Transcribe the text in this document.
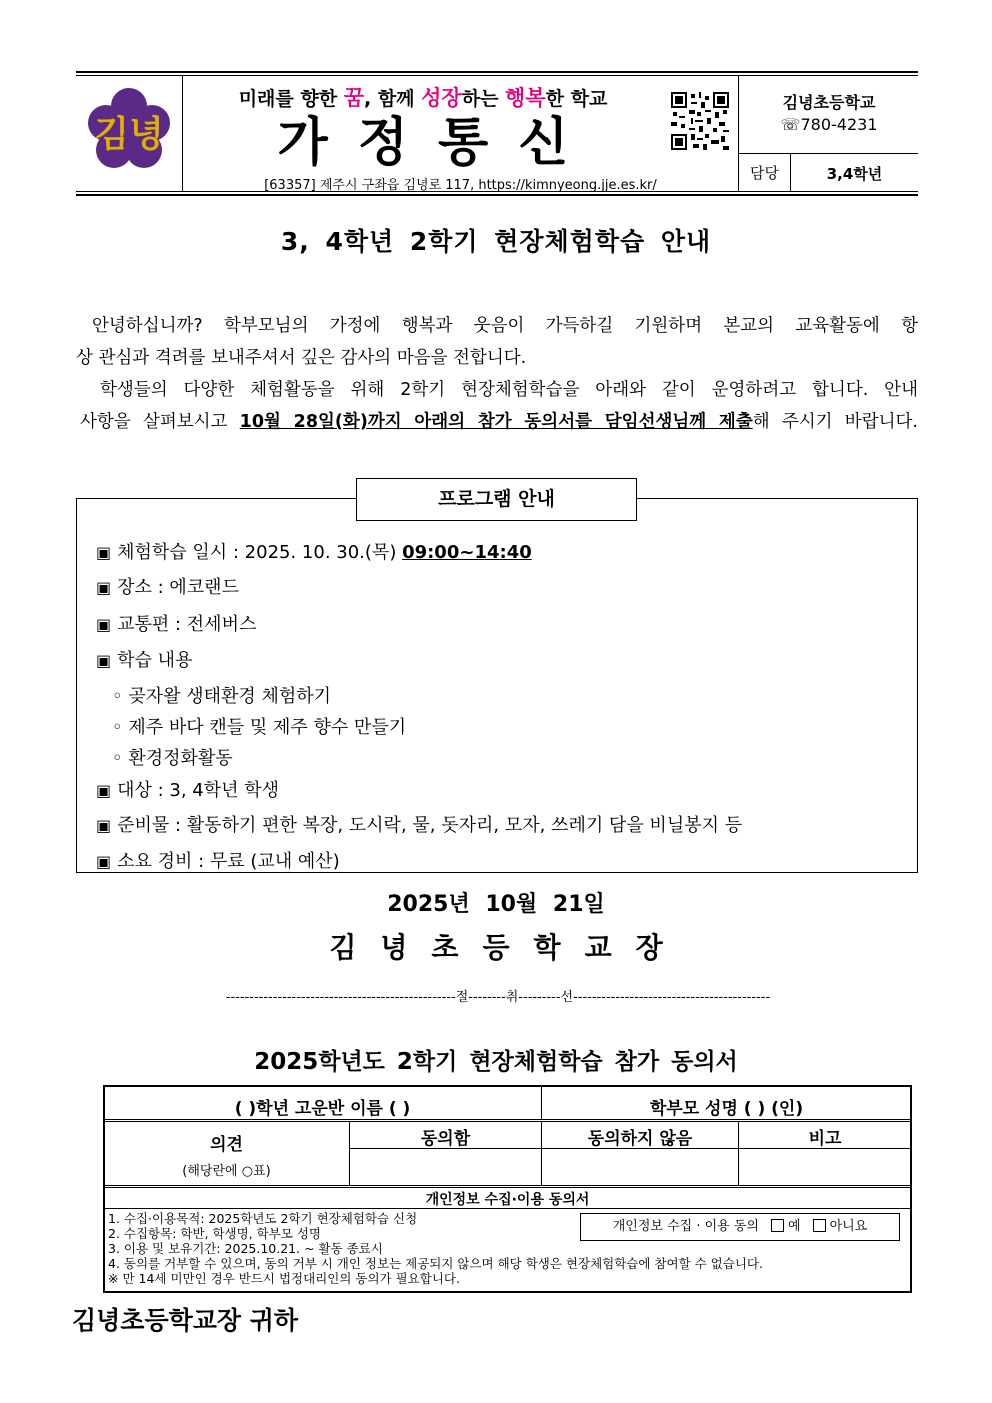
김녕
미래를 향한 꿈, 함께 성장하는 행복한 학교
가정통신
[63357] 제주시 구좌읍 김녕로 117, https://kimnyeong.jje.es.kr/
김녕초등학교
☏780-4231
담당	3,4학년
3, 4학년 2학기 현장체험학습 안내
안녕하십니까? 학부모님의 가정에 행복과 웃음이 가득하길 기원하며 본교의 교육활동에 항
상 관심과 격려를 보내주셔서 깊은 감사의 마음을 전합니다.
학생들의 다양한 체험활동을 위해 2학기 현장체험학습을 아래와 같이 운영하려고 합니다. 안내
사항을 살펴보시고 10월 28일(화)까지 아래의 참가 동의서를 담임선생님께 제출해 주시기 바랍니다.
프로그램 안내
▣ 체험학습 일시 : 2025. 10. 30.(목) 09:00~14:40
▣ 장소 : 에코랜드
▣ 교통편 : 전세버스
▣ 학습 내용
◦ 곶자왈 생태환경 체험하기
◦ 제주 바다 캔들 및 제주 향수 만들기
◦ 환경정화활동
▣ 대상 : 3, 4학년 학생
▣ 준비물 : 활동하기 편한 복장, 도시락, 물, 돗자리, 모자, 쓰레기 담을 비닐봉지 등
▣ 소요 경비 : 무료 (교내 예산)
2025년 10월 21일
김녕초등학교장
-------------------------------------------------절--------취---------선------------------------------------------
2025학년도 2학기 현장체험학습 참가 동의서
( )학년 고운반 이름 ( )	학부모 성명 ( ) (인)
의견
(해당란에 ○표)
동의함	동의하지 않음	비고
개인정보 수집·이용 동의서
1. 수집·이용목적: 2025학년도 2학기 현장체험학습 신청
2. 수집항목: 학반, 학생명, 학부모 성명
3. 이용 및 보유기간: 2025.10.21. ~ 활동 종료시
4. 동의를 거부할 수 있으며, 동의 거부 시 개인 정보는 제공되지 않으며 해당 학생은 현장체험학습에 참여할 수 없습니다.
※ 만 14세 미만인 경우 반드시 법정대리인의 동의가 필요합니다.
개인정보 수집 · 이용 동의 예 아니요
김녕초등학교장 귀하
